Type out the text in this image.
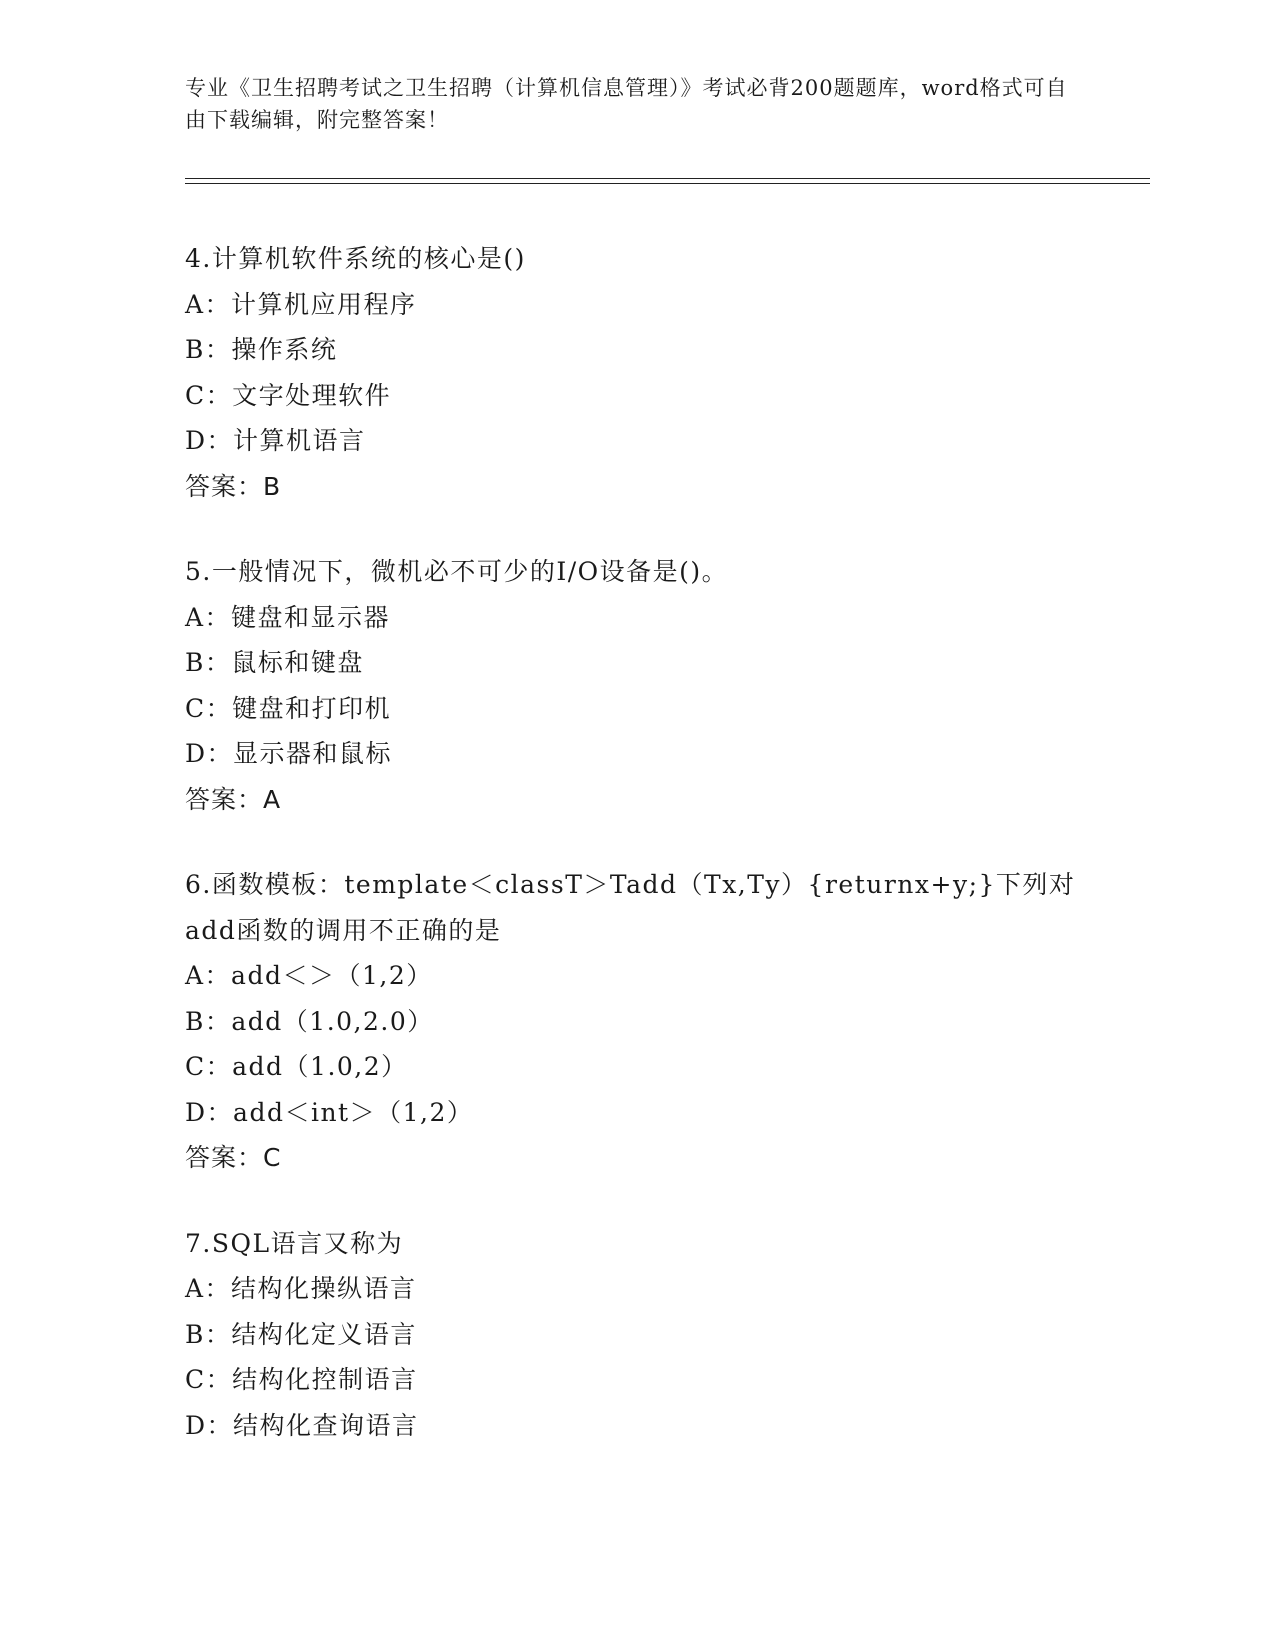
专业《卫生招聘考试之卫生招聘（计算机信息管理）》考试必背200题题库，word格式可自由下载编辑，附完整答案！
4.计算机软件系统的核心是()
A：计算机应用程序
B：操作系统
C：文字处理软件
D：计算机语言
答案：B
5.一般情况下，微机必不可少的I/O设备是()。
A：键盘和显示器
B：鼠标和键盘
C：键盘和打印机
D：显示器和鼠标
答案：A
6.函数模板：template＜classT＞Tadd（Tx,Ty）{returnx+y;}下列对add函数的调用不正确的是
A：add＜＞（1,2）
B：add（1.0,2.0）
C：add（1.0,2）
D：add＜int＞（1,2）
答案：C
7.SQL语言又称为
A：结构化操纵语言
B：结构化定义语言
C：结构化控制语言
D：结构化查询语言
